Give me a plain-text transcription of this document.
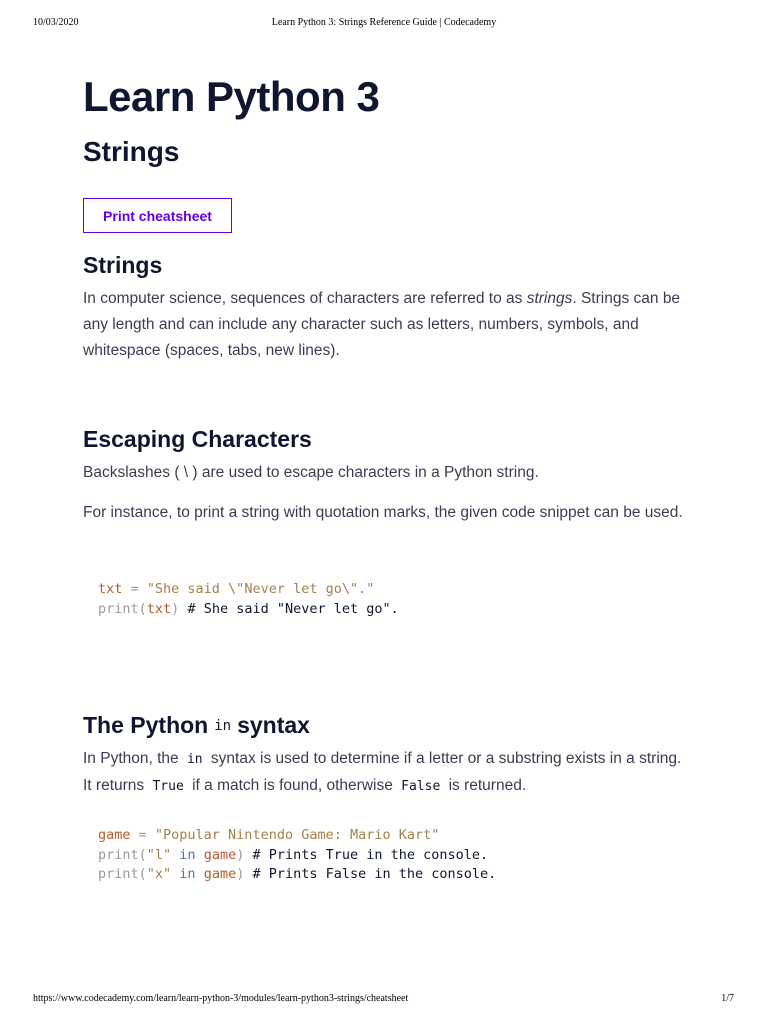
10/03/2020	Learn Python 3: Strings Reference Guide | Codecademy
Learn Python 3
Strings
Print cheatsheet
Strings

In computer science, sequences of characters are referred to as strings. Strings can be any length and can include any character such as letters, numbers, symbols, and whitespace (spaces, tabs, new lines).

Escaping Characters

Backslashes ( \ ) are used to escape characters in a Python string.

For instance, to print a string with quotation marks, the given code snippet can be used.

txt = "She said \"Never let go\"."
print(txt) # She said "Never let go".
The Python in syntax

In Python, the in syntax is used to determine if a letter or a substring exists in a string. It returns True if a match is found, otherwise False is returned.

game = "Popular Nintendo Game: Mario Kart"
print("l" in game) # Prints True in the console.
print("x" in game) # Prints False in the console.
https://www.codecademy.com/learn/learn-python-3/modules/learn-python3-strings/cheatsheet	1/7
